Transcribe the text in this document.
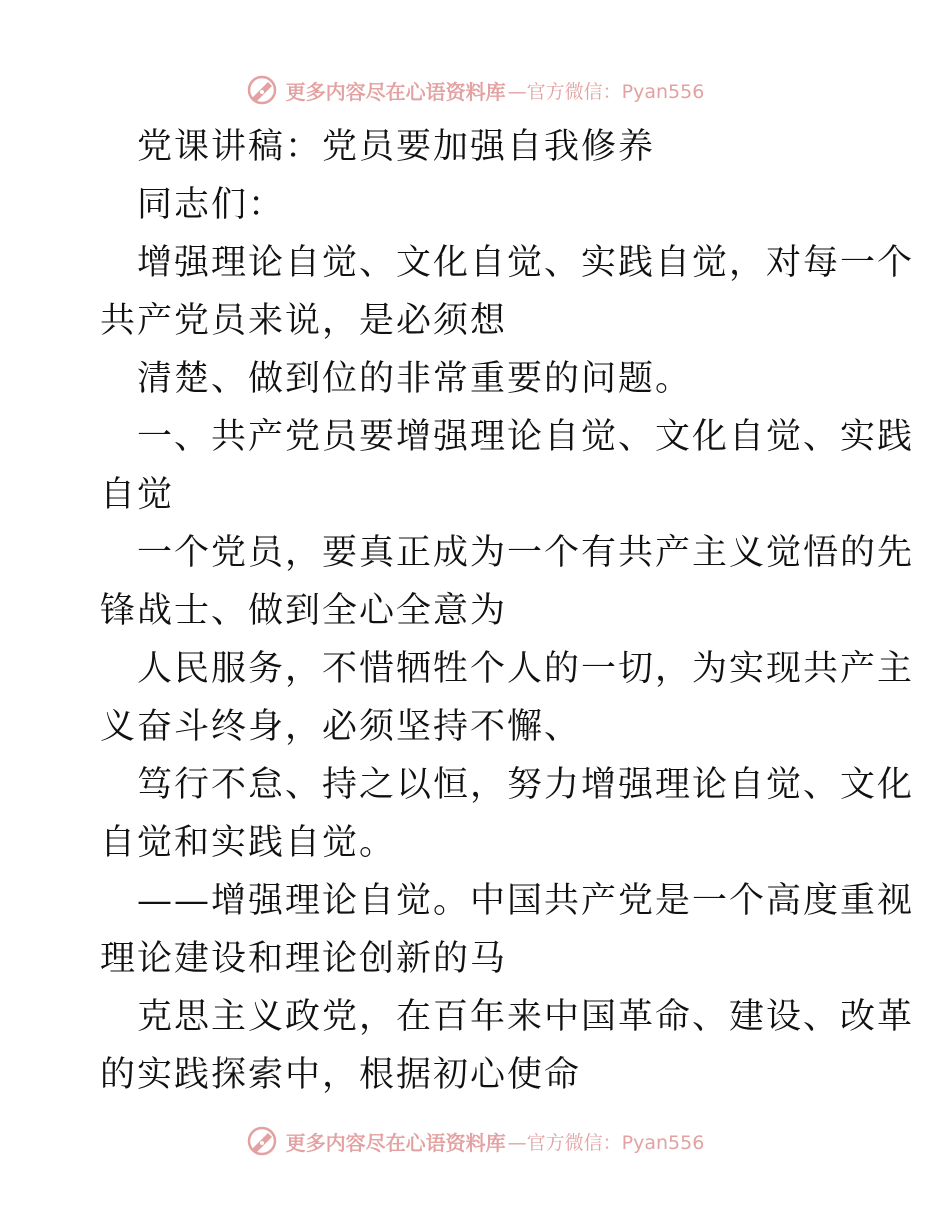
更多内容尽在心语资料库 —官方微信：Pyan556

党课讲稿：党员要加强自我修养

同志们：

增强理论自觉、文化自觉、实践自觉，对每一个
共产党员来说，是必须想

清楚、做到位的非常重要的问题。

一、共产党员要增强理论自觉、文化自觉、实践
自觉

一个党员，要真正成为一个有共产主义觉悟的先
锋战士、做到全心全意为

人民服务，不惜牺牲个人的一切，为实现共产主
义奋斗终身，必须坚持不懈、

笃行不怠、持之以恒，努力增强理论自觉、文化
自觉和实践自觉。

——增强理论自觉。中国共产党是一个高度重视
理论建设和理论创新的马

克思主义政党，在百年来中国革命、建设、改革
的实践探索中，根据初心使命

更多内容尽在心语资料库 —官方微信：Pyan556
